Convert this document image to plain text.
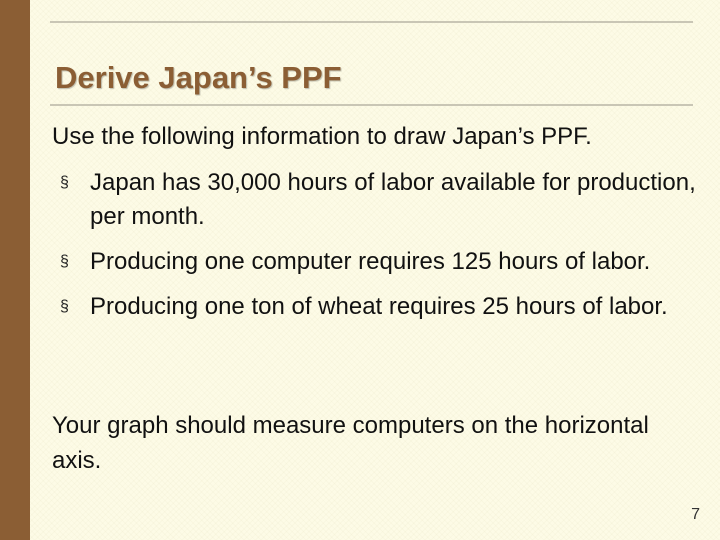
Derive Japan’s PPF

Use the following information to draw Japan’s PPF.

§ Japan has 30,000 hours of labor available for production, per month.
§ Producing one computer requires 125 hours of labor.
§ Producing one ton of wheat requires 25 hours of labor.

Your graph should measure computers on the horizontal axis.

7
